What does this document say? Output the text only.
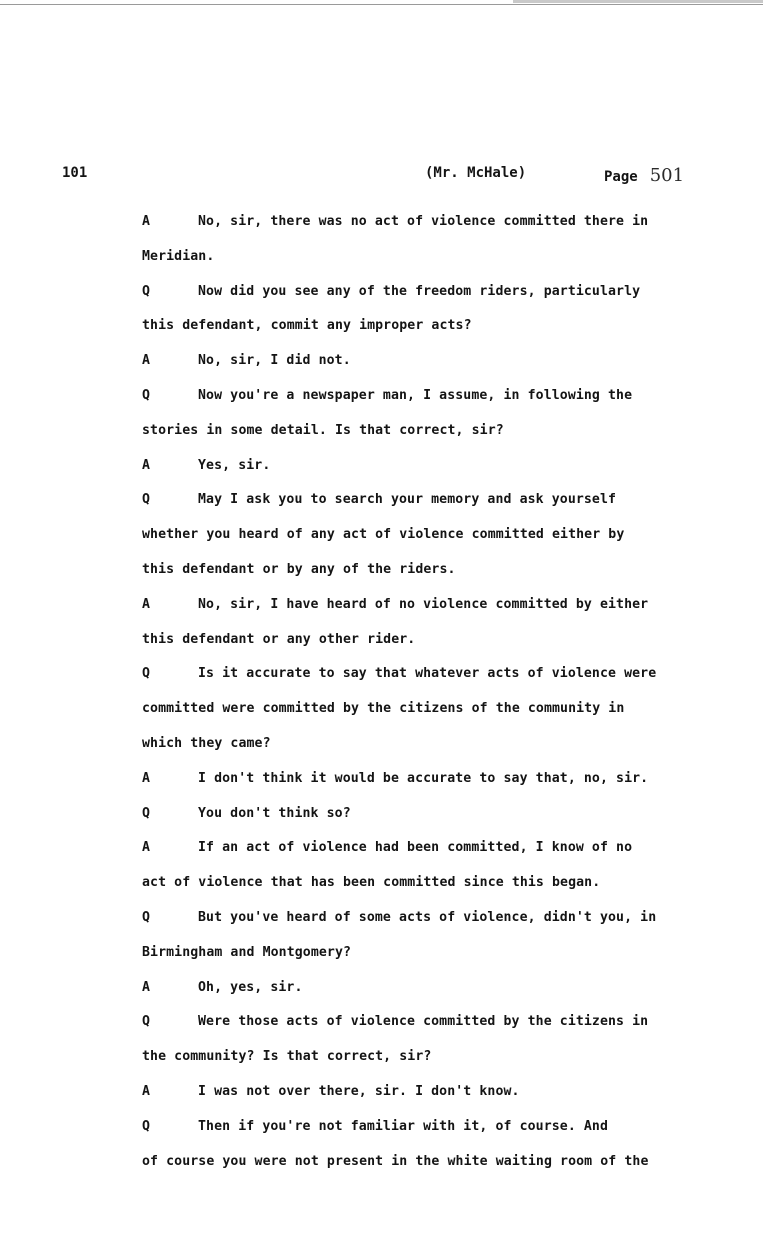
101	(Mr. McHale)	Page 501
A	No, sir, there was no act of violence committed there in
Meridian.
Q	Now did you see any of the freedom riders, particularly
this defendant, commit any improper acts?
A	No, sir, I did not.
Q	Now you're a newspaper man, I assume, in following the
stories in some detail. Is that correct, sir?
A	Yes, sir.
Q	May I ask you to search your memory and ask yourself
whether you heard of any act of violence committed either by
this defendant or by any of the riders.
A	No, sir, I have heard of no violence committed by either
this defendant or any other rider.
Q	Is it accurate to say that whatever acts of violence were
committed were committed by the citizens of the community in
which they came?
A	I don't think it would be accurate to say that, no, sir.
Q	You don't think so?
A	If an act of violence had been committed, I know of no
act of violence that has been committed since this began.
Q	But you've heard of some acts of violence, didn't you, in
Birmingham and Montgomery?
A	Oh, yes, sir.
Q	Were those acts of violence committed by the citizens in
the community? Is that correct, sir?
A	I was not over there, sir. I don't know.
Q	Then if you're not familiar with it, of course. And
of course you were not present in the white waiting room of the
